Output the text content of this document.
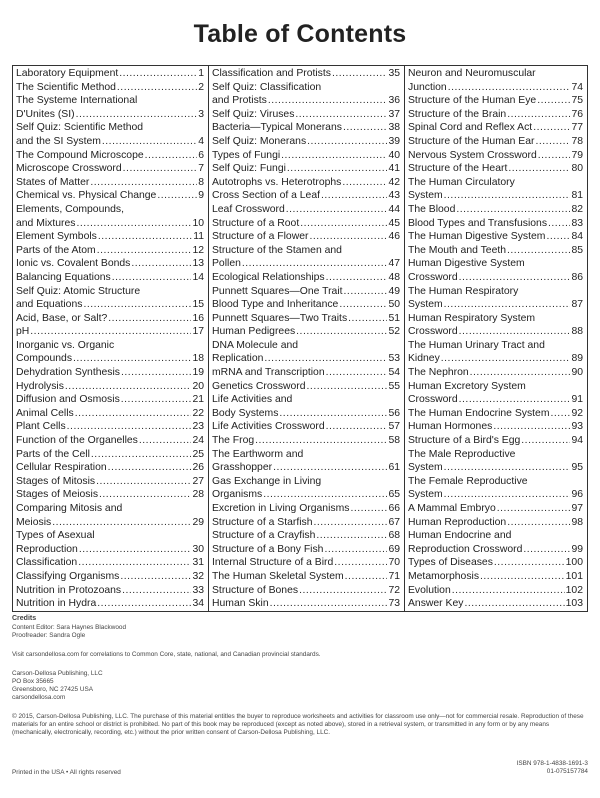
Table of Contents
Laboratory Equipment .....	1
The Scientific Method .....	2
The Systeme International
D'Unites (SI) .....	3
Self Quiz: Scientific Method
and the SI System .....	4
The Compound Microscope .....	6
Microscope Crossword .....	7
States of Matter .....	8
Chemical vs. Physical Change .....	9
Elements, Compounds,
and Mixtures .....	10
Element Symbols .....	11
Parts of the Atom .....	12
Ionic vs. Covalent Bonds .....	13
Balancing Equations .....	14
Self Quiz: Atomic Structure
and Equations .....	15
Acid, Base, or Salt? .....	16
pH .....	17
Inorganic vs. Organic
Compounds .....	18
Dehydration Synthesis .....	19
Hydrolysis .....	20
Diffusion and Osmosis .....	21
Animal Cells .....	22
Plant Cells .....	23
Function of the Organelles .....	24
Parts of the Cell .....	25
Cellular Respiration .....	26
Stages of Mitosis .....	27
Stages of Meiosis .....	28
Comparing Mitosis and
Meiosis .....	29
Types of Asexual
Reproduction .....	30
Classification .....	31
Classifying Organisms .....	32
Nutrition in Protozoans .....	33
Nutrition in Hydra .....	34
Classification and Protists .....	35
Self Quiz: Classification
and Protists .....	36
Self Quiz: Viruses .....	37
Bacteria—Typical Monerans .....	38
Self Quiz: Monerans .....	39
Types of Fungi .....	40
Self Quiz: Fungi .....	41
Autotrophs vs. Heterotrophs .....	42
Cross Section of a Leaf .....	43
Leaf Crossword .....	44
Structure of a Root .....	45
Structure of a Flower .....	46
Structure of the Stamen and
Pollen .....	47
Ecological Relationships .....	48
Punnett Squares—One Trait .....	49
Blood Type and Inheritance .....	50
Punnett Squares—Two Traits .....	51
Human Pedigrees .....	52
DNA Molecule and
Replication .....	53
mRNA and Transcription .....	54
Genetics Crossword .....	55
Life Activities and
Body Systems .....	56
Life Activities Crossword .....	57
The Frog .....	58
The Earthworm and
Grasshopper .....	61
Gas Exchange in Living
Organisms .....	65
Excretion in Living Organisms .....	66
Structure of a Starfish .....	67
Structure of a Crayfish .....	68
Structure of a Bony Fish .....	69
Internal Structure of a Bird .....	70
The Human Skeletal System .....	71
Structure of Bones .....	72
Human Skin .....	73
Neuron and Neuromuscular
Junction .....	74
Structure of the Human Eye .....	75
Structure of the Brain .....	76
Spinal Cord and Reflex Act .....	77
Structure of the Human Ear .....	78
Nervous System Crossword .....	79
Structure of the Heart .....	80
The Human Circulatory
System .....	81
The Blood .....	82
Blood Types and Transfusions ..... 83
The Human Digestive System .....	84
The Mouth and Teeth .....	85
Human Digestive System
Crossword .....	86
The Human Respiratory
System .....	87
Human Respiratory System
Crossword .....	88
The Human Urinary Tract and
Kidney .....	89
The Nephron .....	90
Human Excretory System
Crossword .....	91
The Human Endocrine System ..... 92
Human Hormones .....	93
Structure of a Bird's Egg .....	94
The Male Reproductive
System .....	95
The Female Reproductive
System .....	96
A Mammal Embryo .....	97
Human Reproduction .....	98
Human Endocrine and
Reproduction Crossword .....	99
Types of Diseases .....	100
Metamorphosis .....	101
Evolution .....	102
Answer Key .....	103
Credits
Content Editor: Sara Haynes Blackwood
Proofreader: Sandra Ogle
Visit carsondellosa.com for correlations to Common Core, state, national, and Canadian provincial standards.
Carson-Dellosa Publishing, LLC
PO Box 35665
Greensboro, NC 27425 USA
carsondellosa.com
© 2015, Carson-Dellosa Publishing, LLC. The purchase of this material entitles the buyer to reproduce worksheets and activities for classroom use only—not for commercial resale. Reproduction of these materials for an entire school or district is prohibited. No part of this book may be reproduced (except as noted above), stored in a retrieval system, or transmitted in any form or by any means (mechanically, electronically, recording, etc.) without the prior written consent of Carson-Dellosa Publishing, LLC.
Printed in the USA • All rights reserved
ISBN 978-1-4838-1691-3
01-075157784
